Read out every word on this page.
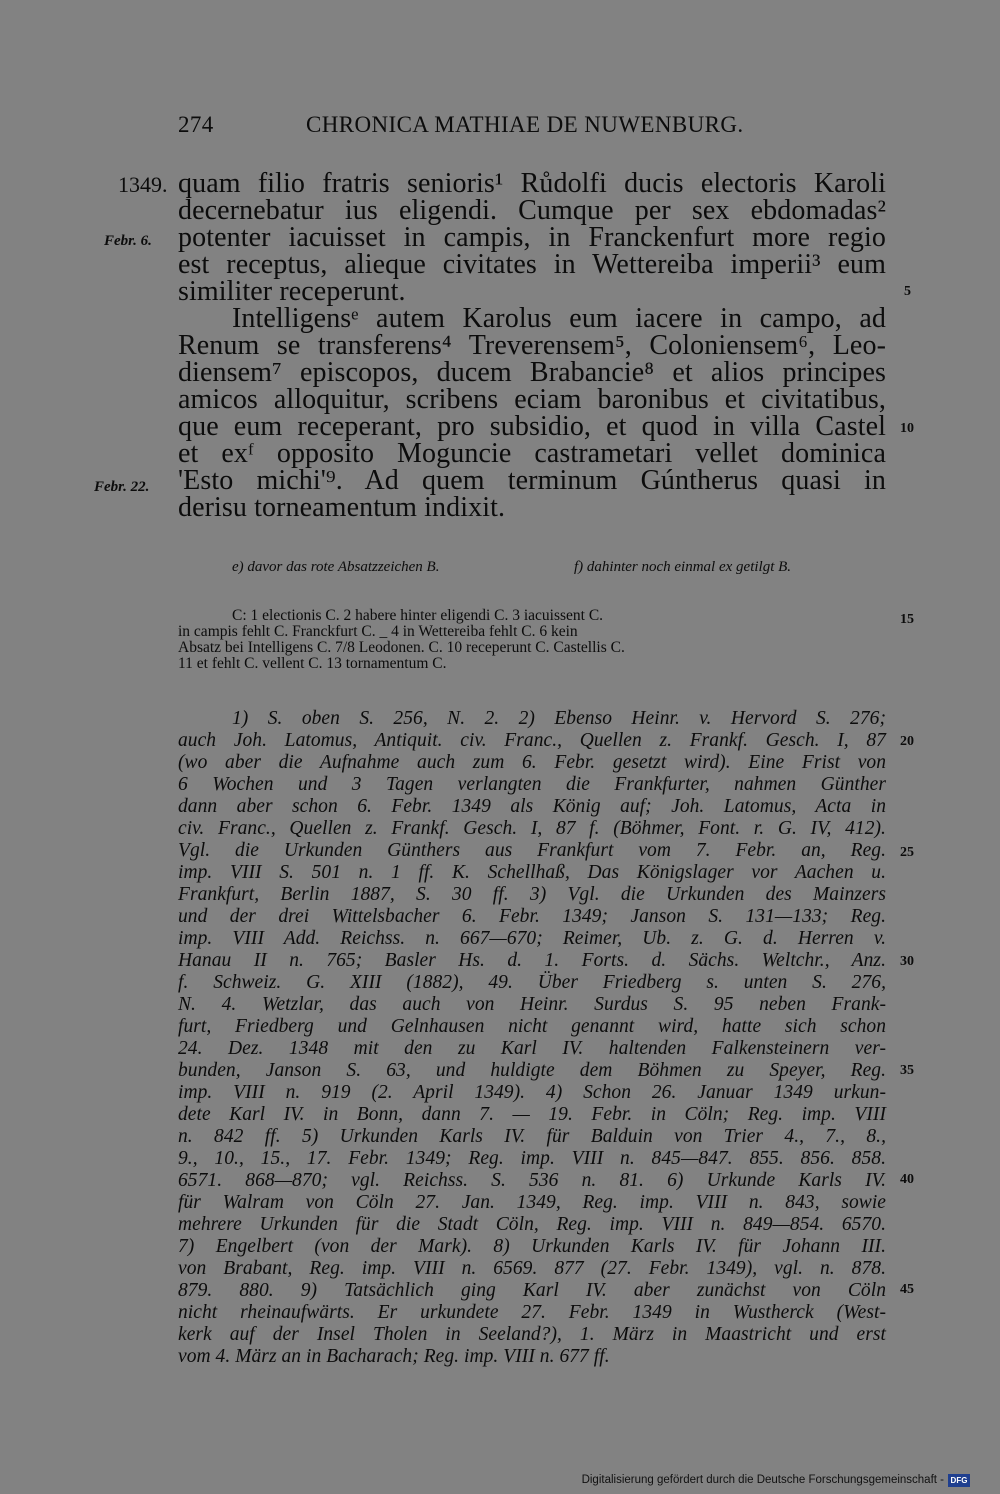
274	CHRONICA MATHIAE DE NUWENBURG.
1349.
Febr. 6.
Febr. 22.
quam filio fratris senioris¹ Růdolfi ducis electoris Karoli
decernebatur ius eligendi. Cumque per sex ebdomadas²
potenter iacuisset in campis, in Franckenfurt more regio
est receptus, alieque civitates in Wettereiba imperii³ eum
similiter receperunt.
Intelligensᵉ autem Karolus eum iacere in campo, ad
Renum se transferens⁴ Treverensem⁵, Coloniensem⁶, Leo-
diensem⁷ episcopos, ducem Brabancie⁸ et alios principes
amicos alloquitur, scribens eciam baronibus et civitatibus,
que eum receperant, pro subsidio, et quod in villa Castel
et exᶠ opposito Moguncie castrametari vellet dominica
'Esto michi'⁹. Ad quem terminum Gúntherus quasi in
derisu torneamentum indixit.
5
10
15
20
25
30
35
40
45
e) davor das rote Absatzzeichen B.	f) dahinter noch einmal ex getilgt B.
C: 1 electionis C. 2 habere hinter eligendi C. 3 iacuissent C.
in campis fehlt C. Franckfurt C. _ 4 in Wettereiba fehlt C. 6 kein
Absatz bei Intelligens C. 7/8 Leodonen. C. 10 receperunt C. Castellis C.
11 et fehlt C. vellent C. 13 tornamentum C.
1) S. oben S. 256, N. 2. 2) Ebenso Heinr. v. Hervord S. 276;
auch Joh. Latomus, Antiquit. civ. Franc., Quellen z. Frankf. Gesch. I, 87
(wo aber die Aufnahme auch zum 6. Febr. gesetzt wird). Eine Frist von
6 Wochen und 3 Tagen verlangten die Frankfurter, nahmen Günther
dann aber schon 6. Febr. 1349 als König auf; Joh. Latomus, Acta in
civ. Franc., Quellen z. Frankf. Gesch. I, 87 f. (Böhmer, Font. r. G. IV, 412).
Vgl. die Urkunden Günthers aus Frankfurt vom 7. Febr. an, Reg.
imp. VIII S. 501 n. 1 ff. K. Schellhaß, Das Königslager vor Aachen u.
Frankfurt, Berlin 1887, S. 30 ff. 3) Vgl. die Urkunden des Mainzers
und der drei Wittelsbacher 6. Febr. 1349; Janson S. 131—133; Reg.
imp. VIII Add. Reichss. n. 667—670; Reimer, Ub. z. G. d. Herren v.
Hanau II n. 765; Basler Hs. d. 1. Forts. d. Sächs. Weltchr., Anz.
f. Schweiz. G. XIII (1882), 49. Über Friedberg s. unten S. 276,
N. 4. Wetzlar, das auch von Heinr. Surdus S. 95 neben Frank-
furt, Friedberg und Gelnhausen nicht genannt wird, hatte sich schon
24. Dez. 1348 mit den zu Karl IV. haltenden Falkensteinern ver-
bunden, Janson S. 63, und huldigte dem Böhmen zu Speyer, Reg.
imp. VIII n. 919 (2. April 1349). 4) Schon 26. Januar 1349 urkun-
dete Karl IV. in Bonn, dann 7. — 19. Febr. in Cöln; Reg. imp. VIII
n. 842 ff. 5) Urkunden Karls IV. für Balduin von Trier 4., 7., 8.,
9., 10., 15., 17. Febr. 1349; Reg. imp. VIII n. 845—847. 855. 856. 858.
6571. 868—870; vgl. Reichss. S. 536 n. 81. 6) Urkunde Karls IV.
für Walram von Cöln 27. Jan. 1349, Reg. imp. VIII n. 843, sowie
mehrere Urkunden für die Stadt Cöln, Reg. imp. VIII n. 849—854. 6570.
7) Engelbert (von der Mark). 8) Urkunden Karls IV. für Johann III.
von Brabant, Reg. imp. VIII n. 6569. 877 (27. Febr. 1349), vgl. n. 878.
879. 880. 9) Tatsächlich ging Karl IV. aber zunächst von Cöln
nicht rheinaufwärts. Er urkundete 27. Febr. 1349 in Wustherck (West-
kerk auf der Insel Tholen in Seeland?), 1. März in Maastricht und erst
vom 4. März an in Bacharach; Reg. imp. VIII n. 677 ff.
Digitalisierung gefördert durch die Deutsche Forschungsgemeinschaft - DFG
